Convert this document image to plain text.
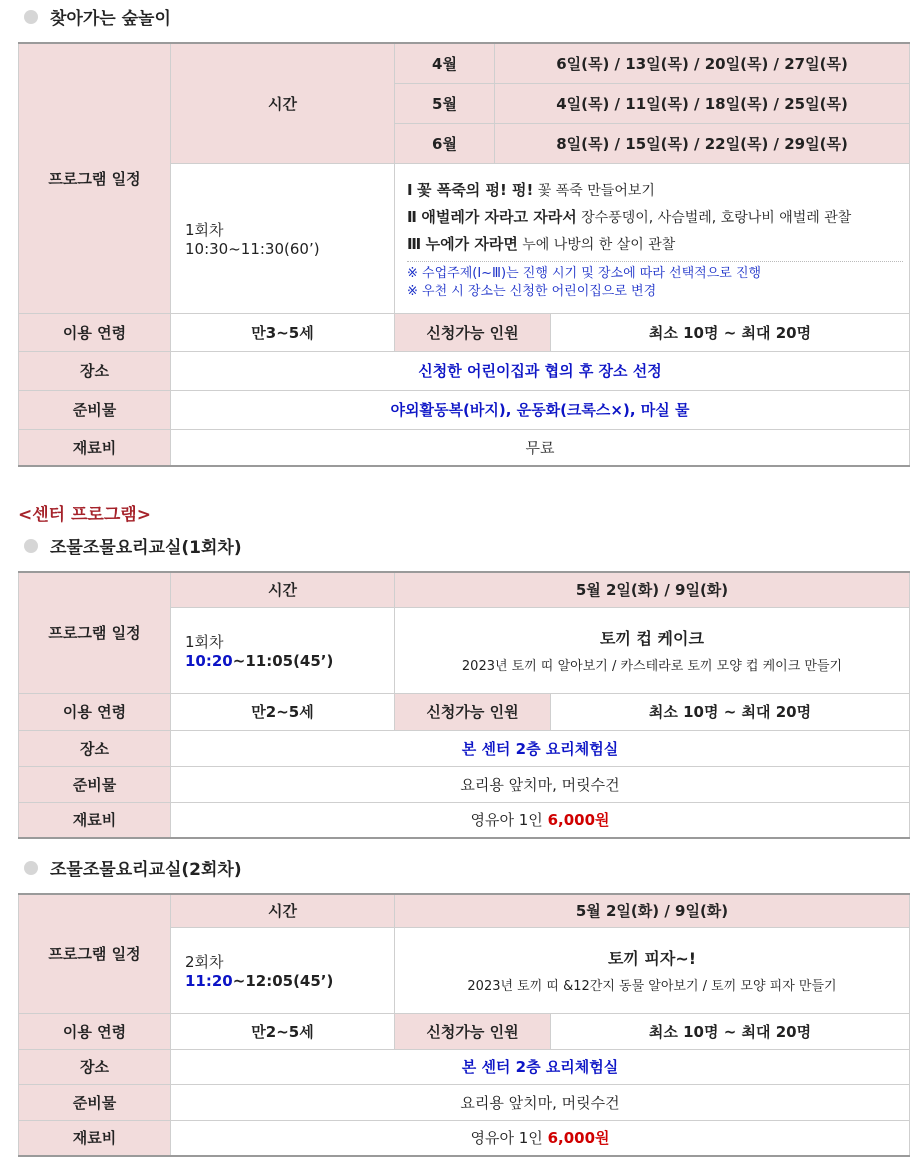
찾아가는 숲놀이
프로그램 일정	시간	4월	6일(목) / 13일(목) / 20일(목) / 27일(목)	
		5월	4일(목) / 11일(목) / 18일(목) / 25일(목)	
		6월	8일(목) / 15일(목) / 22일(목) / 29일(목)	
	1회차  10:30~11:30(60’)	Ⅰ 꽃 폭죽의 펑! 펑! 꽃 폭죽 만들어보기
Ⅱ 애벌레가 자라고 자라서 장수풍뎅이, 사슴벌레, 호랑나비 애벌레 관찰
Ⅲ 누에가 자라면 누에 나방의 한 살이 관찰
※ 수업주제(Ⅰ~Ⅲ)는 진행 시기 및 장소에 따라 선택적으로 진행
※ 우천 시 장소는 신청한 어린이집으로 변경		

이용 연령	만3~5세	신청가능 인원		최소 10명 ~ 최대 20명
장소	신청한 어린이집과 협의 후 장소 선정			
준비물	야외활동복(바지), 운동화(크록스×), 마실 물			
재료비	무료			
<센터 프로그램>
조물조물요리교실(1회차)
프로그램 일정	시간	5월 2일(화) / 9일(화)	
	1회차  10:20~11:05(45’)	토끼 컵 케이크
2023년 토끼 띠 알아보기 / 카스테라로 토끼 모양 컵 케이크 만들기	

이용 연령	만2~5세	신청가능 인원	최소 10명 ~ 최대 20명
장소	본 센터 2층 요리체험실		
준비물	요리용 앞치마, 머릿수건		
재료비	영유아 1인 6,000원		
조물조물요리교실(2회차)
프로그램 일정	시간	5월 2일(화) / 9일(화)	
	2회차  11:20~12:05(45’)	토끼 피자~!
2023년 토끼 띠 &12간지 동물 알아보기 / 토끼 모양 피자 만들기	

이용 연령	만2~5세	신청가능 인원	최소 10명 ~ 최대 20명
장소	본 센터 2층 요리체험실		
준비물	요리용 앞치마, 머릿수건		
재료비	영유아 1인 6,000원		
